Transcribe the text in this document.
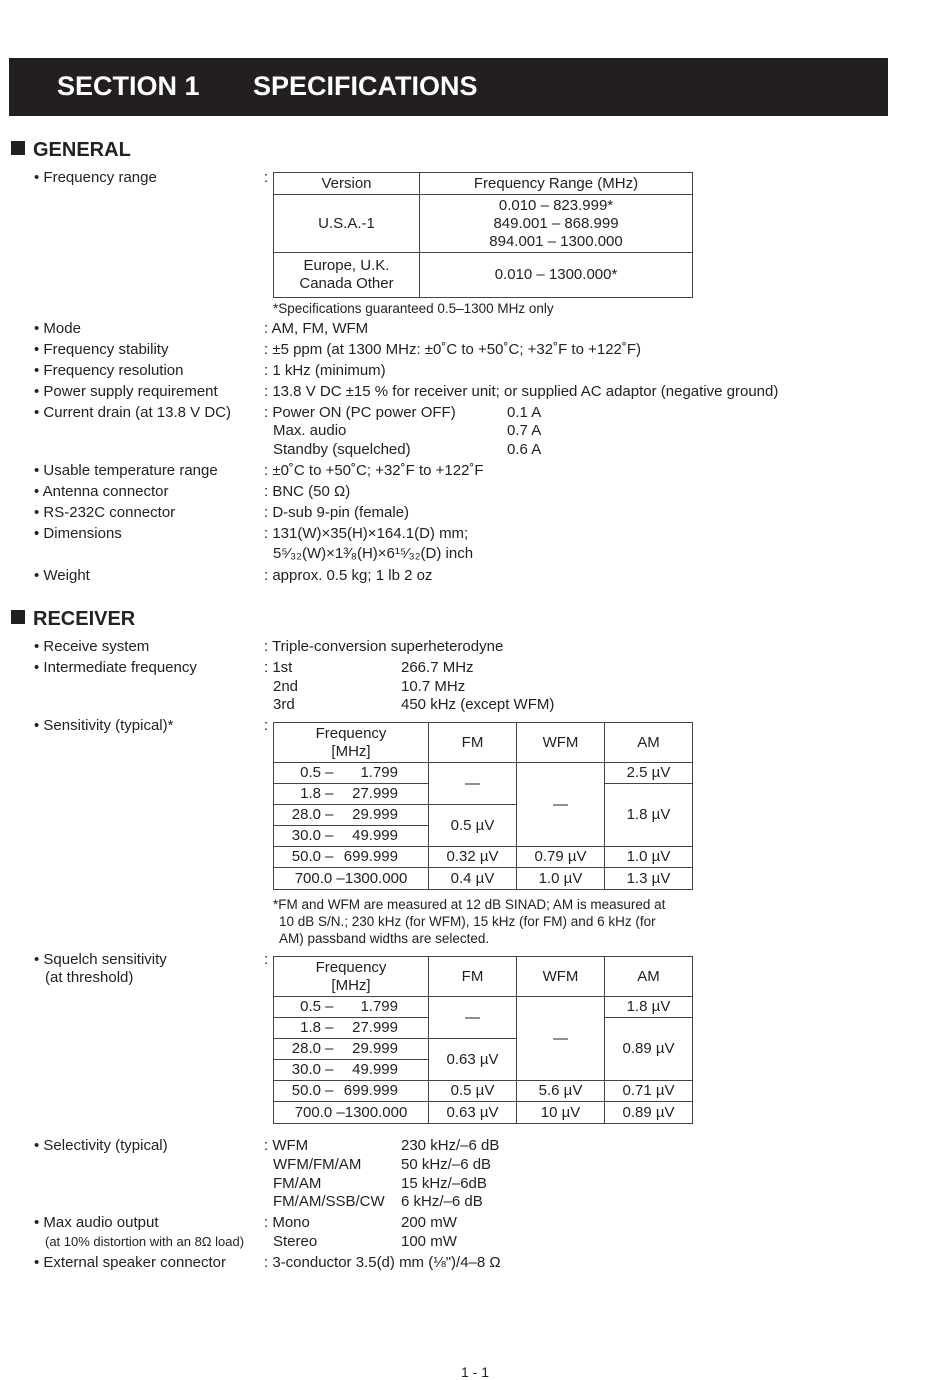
SECTION 1 SPECIFICATIONS
GENERAL
• Frequency range	:	Version	Frequency Range (MHz)
U.S.A.-1	0.010 – 823.999*
849.001 – 868.999
894.001 – 1300.000

Europe, U.K.
Canada Other	0.010 – 1300.000*
*Specifications guaranteed 0.5–1300 MHz only
• Mode	: AM, FM, WFM
• Frequency stability	: ±5 ppm (at 1300 MHz: ±0˚C to +50˚C; +32˚F to +122˚F)
• Frequency resolution	: 1 kHz (minimum)
• Power supply requirement	: 13.8 V DC ±15 % for receiver unit; or supplied AC adaptor (negative ground)
• Current drain (at 13.8 V DC) : Power ON (PC power OFF)	0.1 A
Max. audio	0.7 A
Standby (squelched)	0.6 A
• Usable temperature range	: ±0˚C to +50˚C; +32˚F to +122˚F
• Antenna connector	: BNC (50 Ω)
• RS-232C connector	: D-sub 9-pin (female)
• Dimensions	: 131(W)×35(H)×164.1(D) mm;
5⁵⁄₃₂(W)×1³⁄₈(H)×6¹⁵⁄₃₂(D) inch
• Weight	: approx. 0.5 kg; 1 lb 2 oz
RECEIVER
• Receive system	: Triple-conversion superheterodyne
• Intermediate frequency	: 1st	266.7 MHz
2nd	10.7 MHz
3rd	450 kHz (except WFM)
• Sensitivity (typical)*	:	Frequency
[MHz]		FM	WFM	AM
0.5 –	1.799	—	—	2.5 µV
1.8 –	27.999			1.8 µV
28.0 –	29.999	0.5 µV		
30.0 –	49.999			
50.0 –	699.999	0.32 µV	0.79 µV	1.0 µV
700.0 –1300.000		0.4 µV	1.0 µV	1.3 µV
*FM and WFM are measured at 12 dB SINAD; AM is measured at
10 dB S/N.; 230 kHz (for WFM), 15 kHz (for FM) and 6 kHz (for
AM) passband widths are selected.
• Squelch sensitivity	:
(at threshold)
Frequency
[MHz]		FM	WFM	AM
0.5 –	1.799	—	—	1.8 µV
1.8 –	27.999			0.89 µV
28.0 –	29.999	0.63 µV		
30.0 –	49.999			
50.0 –	699.999	0.5 µV	5.6 µV	0.71 µV
700.0 –1300.000		0.63 µV	10 µV	0.89 µV
• Selectivity (typical)	: WFM	230 kHz/–6 dB
WFM/FM/AM	50 kHz/–6 dB
FM/AM	15 kHz/–6dB
FM/AM/SSB/CW 6 kHz/–6 dB
• Max audio output	: Mono	200 mW
(at 10% distortion with an 8Ω load) Stereo	100 mW
• External speaker connector	: 3-conductor 3.5(d) mm (⅛")/4–8 Ω
1 - 1
